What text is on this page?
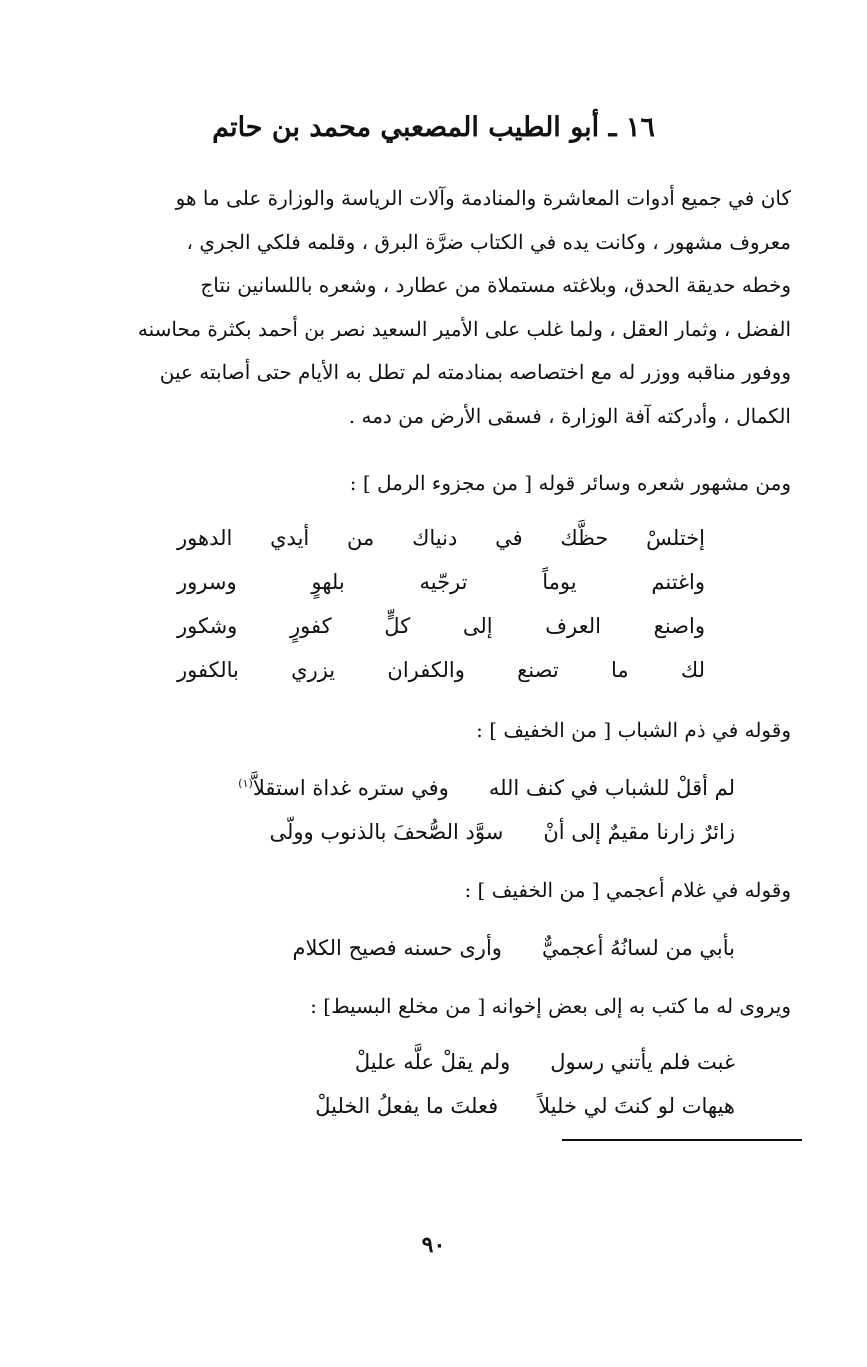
١٦ ـ أبو الطيب المصعبي محمد بن حاتم

كان في جميع أدوات المعاشرة والمنادمة وآلات الرياسة والوزارة على ما هو
معروف مشهور ، وكانت يده في الكتاب ضرَّة البرق ، وقلمه فلكي الجري ،
وخطه حديقة الحدق، وبلاغته مستملاة من عطارد ، وشعره باللسانين نتاج
الفضل ، وثمار العقل ، ولما غلب على الأمير السعيد نصر بن أحمد بكثرة محاسنه
ووفور مناقبه ووزر له مع اختصاصه بمنادمته لم تطل به الأيام حتى أصابته عين
الكمال ، وأدركته آفة الوزارة ، فسقى الأرض من دمه .

ومن مشهور شعره وسائر قوله [ من مجزوء الرمل ] :

إختلسْ حظَّك في دنياك من أيدي الدهور
واغتنم يوماً ترجّيه بلهوٍ وسرور
واصنع العرف إلى كلٍّ كفورٍ وشكور
لك ما تصنع والكفران يزري بالكفور

وقوله في ذم الشباب [ من الخفيف ] :

لم أقلْ للشباب في كنف اللهوفي ستره غداة استقلاَّ$^{(١)}$
زائرٌ زارنا مقيمٌ إلى أنْسوَّد الصُّحفَ بالذنوب وولّى

وقوله في غلام أعجمي [ من الخفيف ] :

بأبي من لسانُهُ أعجميٌّوأرى حسنه فصيح الكلام

ويروى له ما كتب به إلى بعض إخوانه [ من مخلع البسيط] :

غبت فلم يأتني رسولولم يقلْ علَّه عليلْ
هيهات لو كنتَ لي خليلاًفعلتَ ما يفعلُ الخليلْ
٩٠
